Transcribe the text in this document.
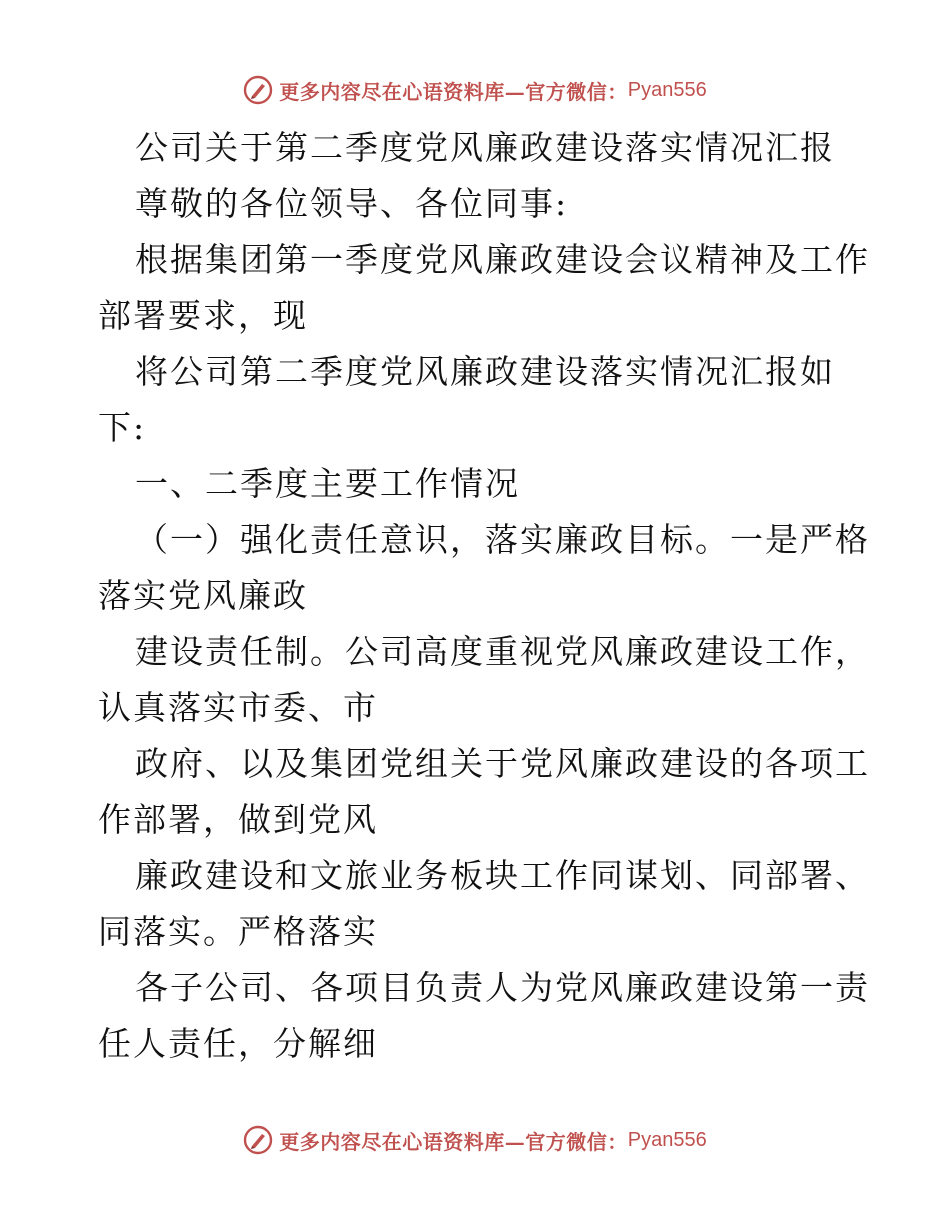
更多内容尽在心语资料库—官方微信： Pyan556
公司关于第二季度党风廉政建设落实情况汇报
尊敬的各位领导、各位同事:
根据集团第一季度党风廉政建设会议精神及工作
部署要求，现
将公司第二季度党风廉政建设落实情况汇报如
下:
一、二季度主要工作情况
（一）强化责任意识，落实廉政目标。一是严格
落实党风廉政
建设责任制。公司高度重视党风廉政建设工作，
认真落实市委、市
政府、以及集团党组关于党风廉政建设的各项工
作部署，做到党风
廉政建设和文旅业务板块工作同谋划、同部署、
同落实。严格落实
各子公司、各项目负责人为党风廉政建设第一责
任人责任，分解细
更多内容尽在心语资料库—官方微信： Pyan556
